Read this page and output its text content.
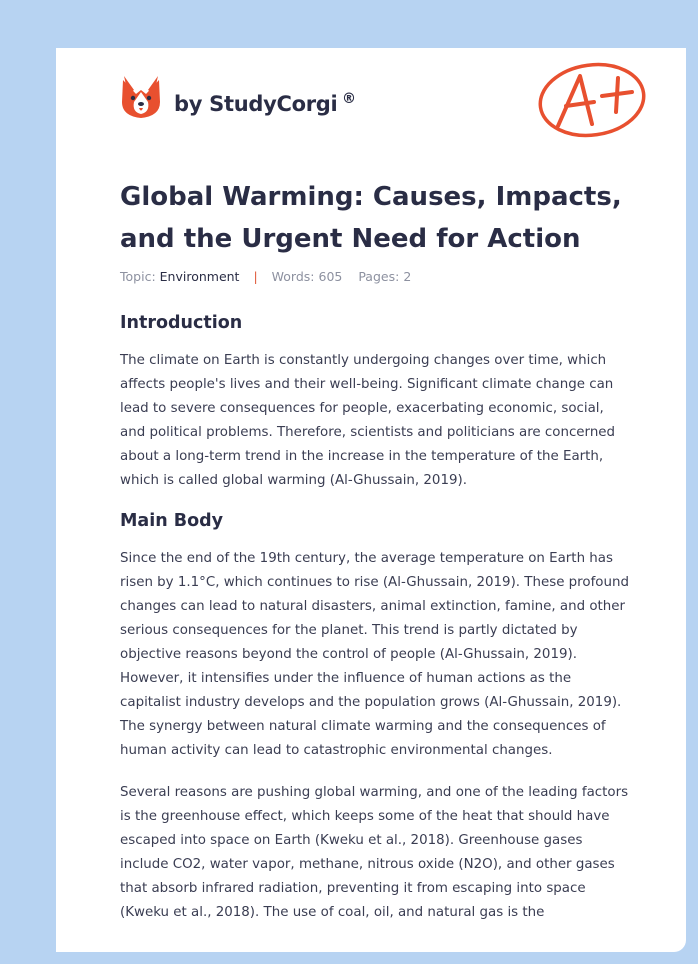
by StudyCorgi ®
A+
Global Warming: Causes, Impacts, and the Urgent Need for Action
Topic: Environment | Words: 605 Pages: 2
Introduction

The climate on Earth is constantly undergoing changes over time, which affects people's lives and their well-being. Significant climate change can lead to severe consequences for people, exacerbating economic, social, and political problems. Therefore, scientists and politicians are concerned about a long-term trend in the increase in the temperature of the Earth, which is called global warming (Al-Ghussain, 2019).

Main Body

Since the end of the 19th century, the average temperature on Earth has risen by 1.1°C, which continues to rise (Al-Ghussain, 2019). These profound changes can lead to natural disasters, animal extinction, famine, and other serious consequences for the planet. This trend is partly dictated by objective reasons beyond the control of people (Al-Ghussain, 2019). However, it intensifies under the influence of human actions as the capitalist industry develops and the population grows (Al-Ghussain, 2019). The synergy between natural climate warming and the consequences of human activity can lead to catastrophic environmental changes.

Several reasons are pushing global warming, and one of the leading factors is the greenhouse effect, which keeps some of the heat that should have escaped into space on Earth (Kweku et al., 2018). Greenhouse gases include CO2, water vapor, methane, nitrous oxide (N2O), and other gases that absorb infrared radiation, preventing it from escaping into space (Kweku et al., 2018). The use of coal, oil, and natural gas is the
